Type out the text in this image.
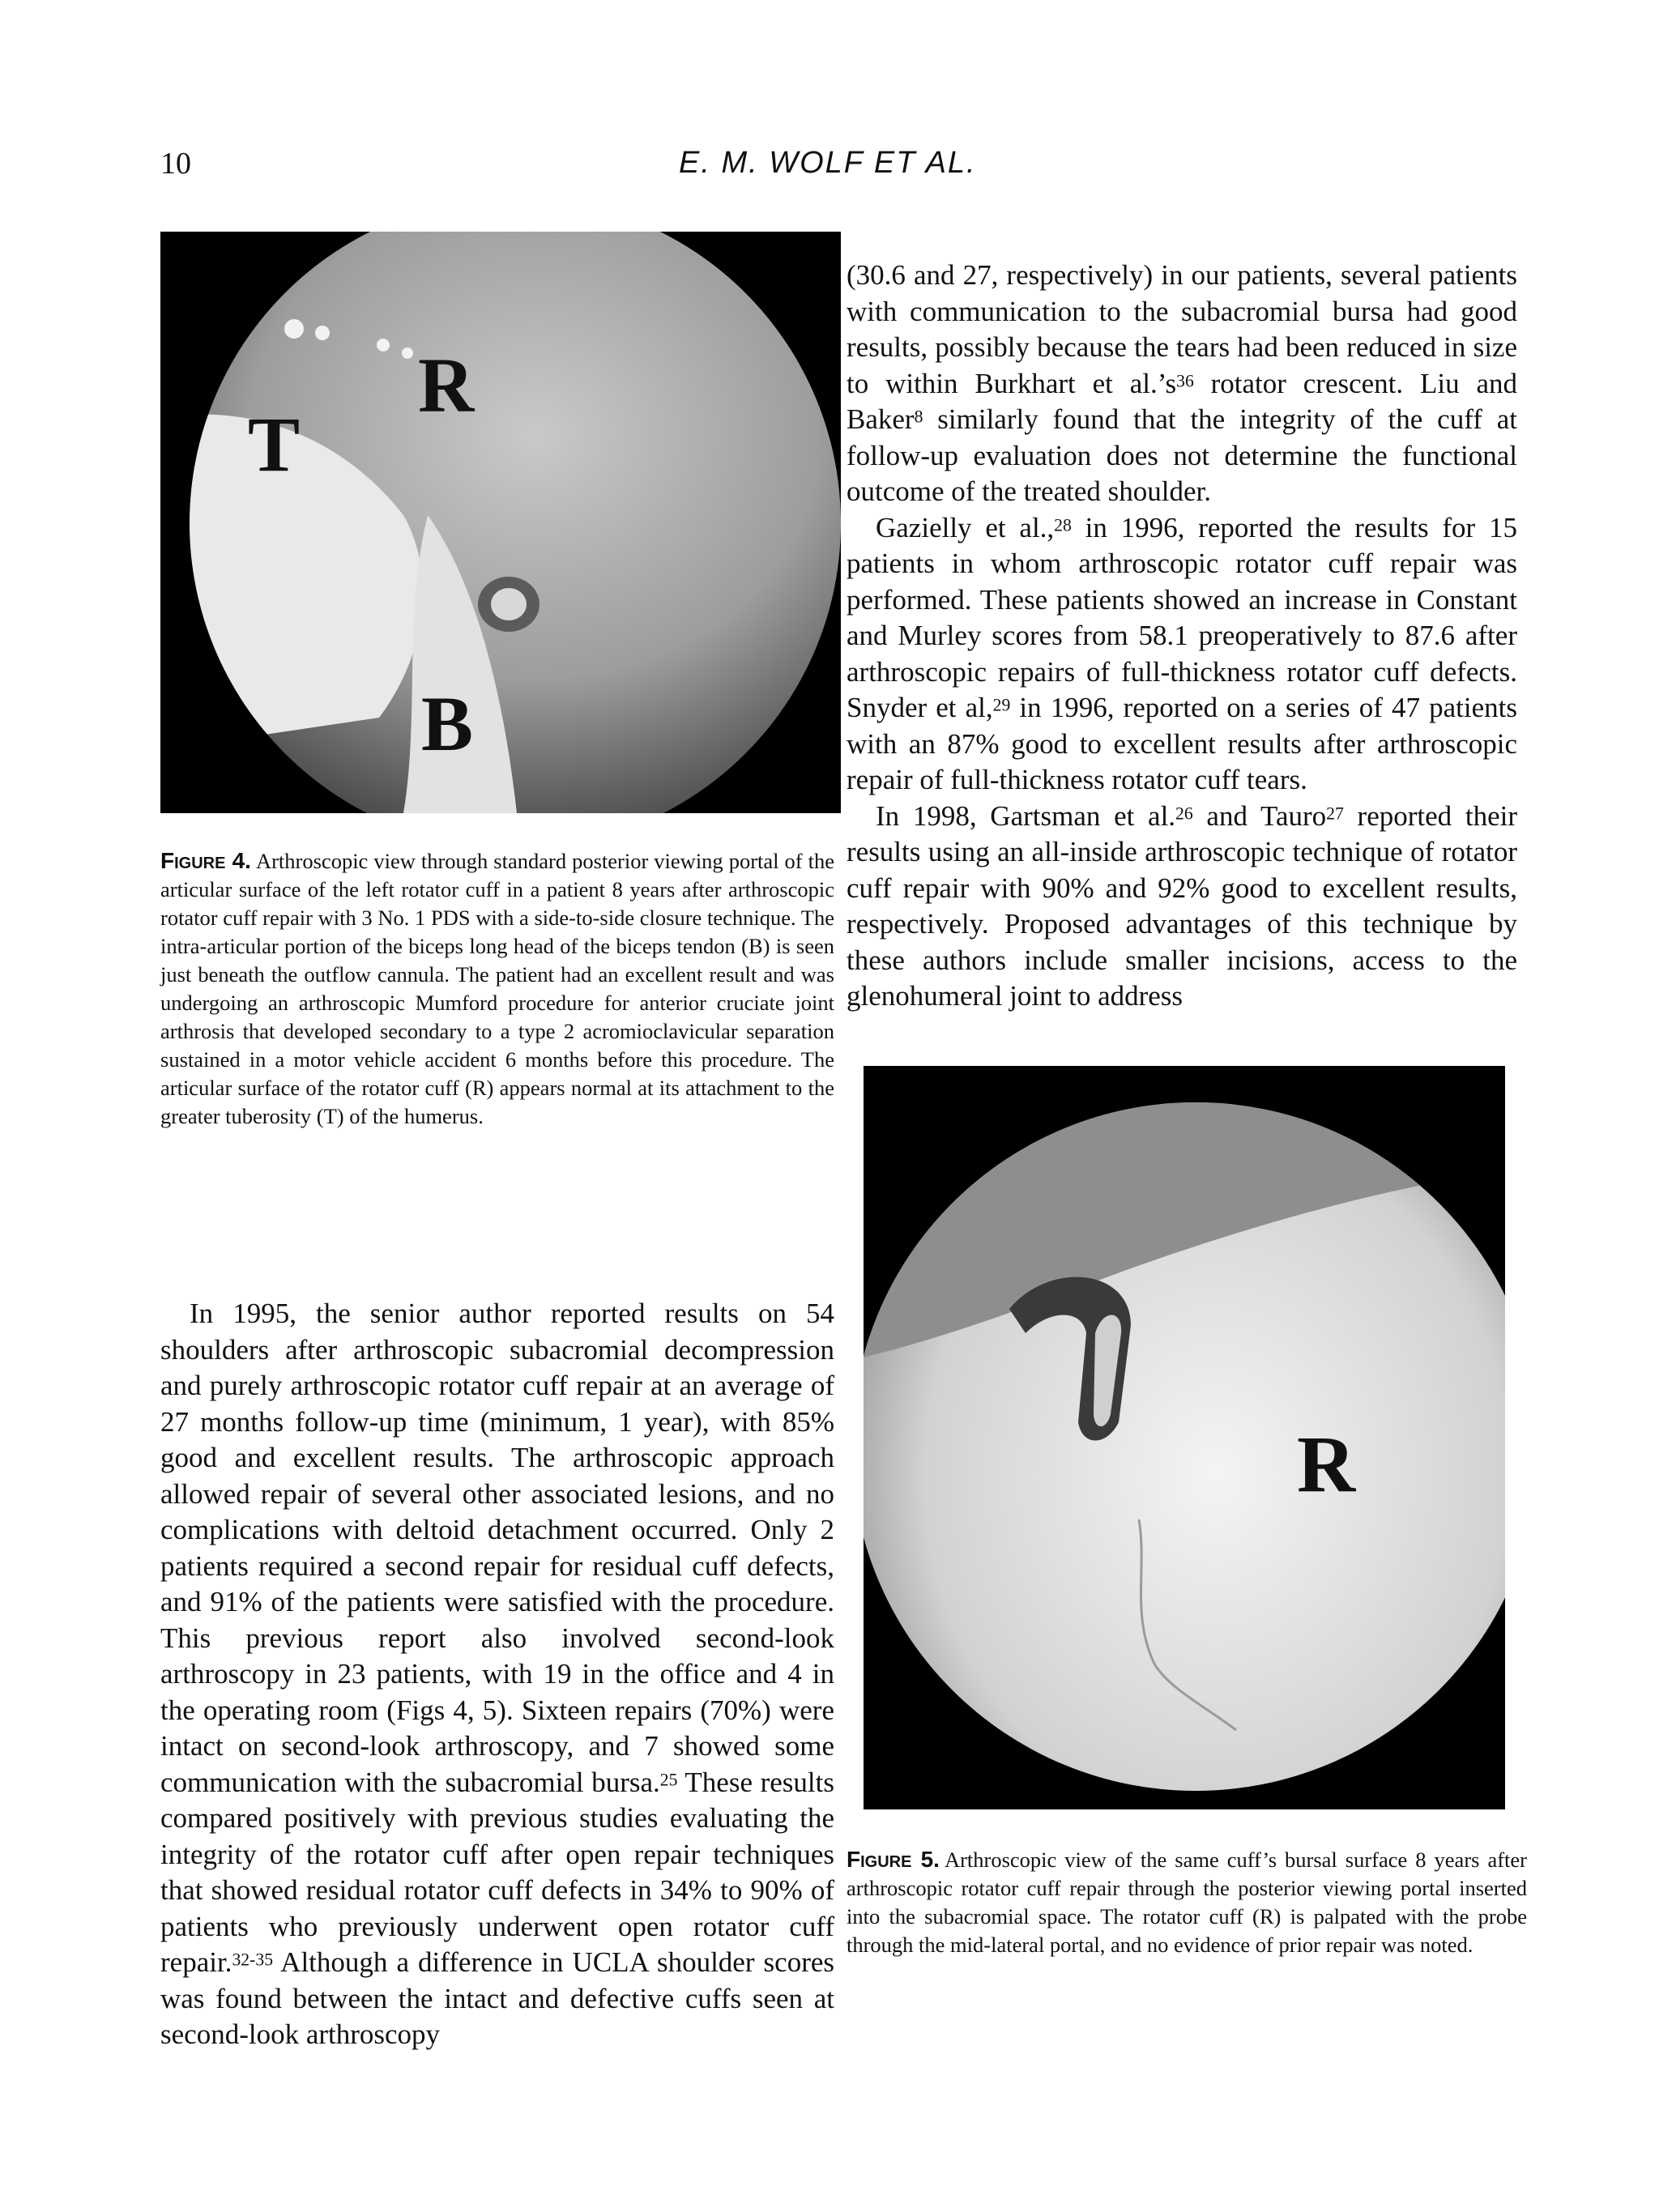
10	E. M. WOLF ET AL.
T
R
B
Figure 4. Arthroscopic view through standard posterior viewing portal of the articular surface of the left rotator cuff in a patient 8 years after arthroscopic rotator cuff repair with 3 No. 1 PDS with a side-to-side closure technique. The intra-articular portion of the biceps long head of the biceps tendon (B) is seen just beneath the outflow cannula. The patient had an excellent result and was undergoing an arthroscopic Mumford procedure for anterior cruciate joint arthrosis that developed secondary to a type 2 acromioclavicular separation sustained in a motor vehicle accident 6 months before this procedure. The articular surface of the rotator cuff (R) appears normal at its attachment to the greater tuberosity (T) of the humerus.

(30.6 and 27, respectively) in our patients, several patients with communication to the subacromial bursa had good results, possibly because the tears had been reduced in size to within Burkhart et $al.’s^{36}$ rotator crescent. Liu and Baker$^8$ similarly found that the integrity of the cuff at follow-up evaluation does not determine the functional outcome of the treated shoulder.

Gazielly et al.,$^{28}$ in 1996, reported the results for 15 patients in whom arthroscopic rotator cuff repair was performed. These patients showed an increase in Constant and Murley scores from 58.1 preoperatively to 87.6 after arthroscopic repairs of full-thickness rotator cuff defects. Snyder et al,$^{29}$ in 1996, reported on a series of 47 patients with an 87% good to excellent results after arthroscopic repair of full-thickness rotator cuff tears.

In 1998, Gartsman et al.$^{26}$ and Tauro$^{27}$ reported their results using an all-inside arthroscopic technique of rotator cuff repair with 90% and 92% good to excellent results, respectively. Proposed advantages of this technique by these authors include smaller incisions, access to the glenohumeral joint to address

R
Figure 5. Arthroscopic view of the same cuff’s bursal surface 8 years after arthroscopic rotator cuff repair through the posterior viewing portal inserted into the subacromial space. The rotator cuff (R) is palpated with the probe through the mid-lateral portal, and no evidence of prior repair was noted.

In 1995, the senior author reported results on 54 shoulders after arthroscopic subacromial decompression and purely arthroscopic rotator cuff repair at an average of 27 months follow-up time (minimum, 1 year), with 85% good and excellent results. The arthroscopic approach allowed repair of several other associated lesions, and no complications with deltoid detachment occurred. Only 2 patients required a second repair for residual cuff defects, and 91% of the patients were satisfied with the procedure. This previous report also involved second-look arthroscopy in 23 patients, with 19 in the office and 4 in the operating room (Figs 4, 5). Sixteen repairs (70%) were intact on second-look arthroscopy, and 7 showed some communication with the subacromial bursa.$^{25}$ These results compared positively with previous studies evaluating the integrity of the rotator cuff after open repair techniques that showed residual rotator cuff defects in 34% to 90% of patients who previously underwent open rotator cuff repair.$^{32-35}$ Although a difference in UCLA shoulder scores was found between the intact and defective cuffs seen at second-look arthroscopy
